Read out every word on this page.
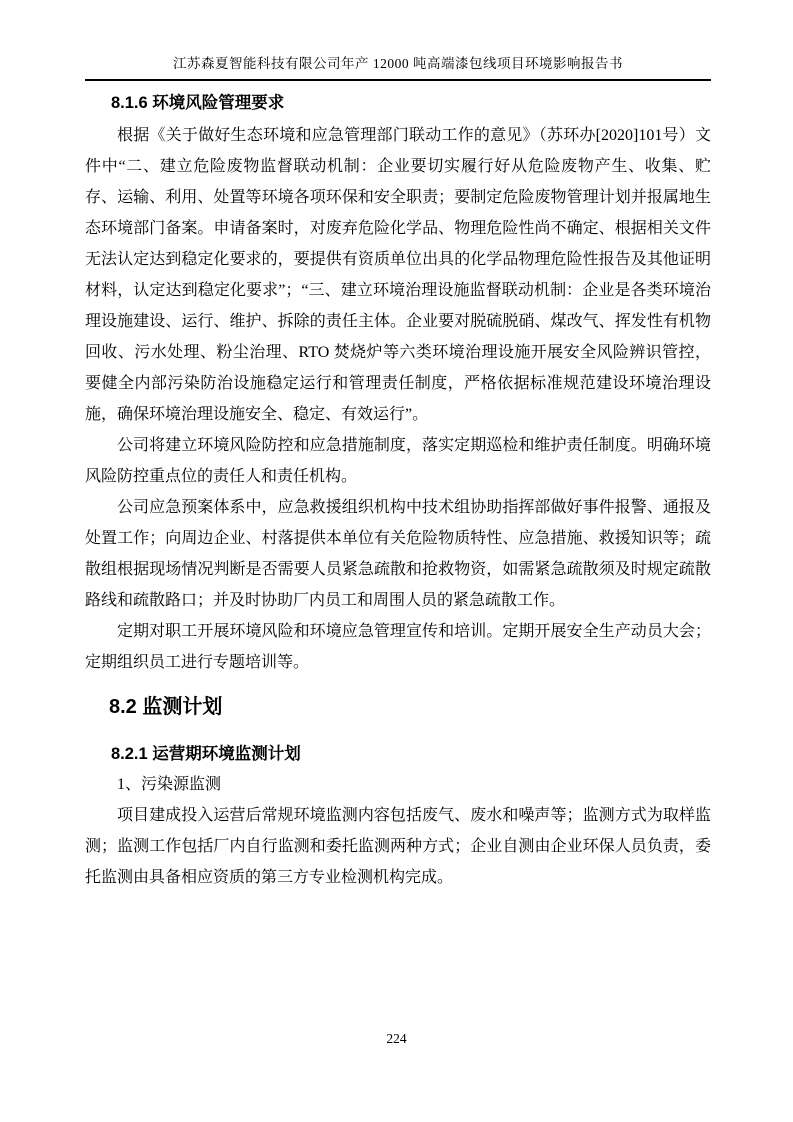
江苏森夏智能科技有限公司年产 12000 吨高端漆包线项目环境影响报告书
8.1.6 环境风险管理要求

根据《关于做好生态环境和应急管理部门联动工作的意见》（苏环办[2020]101号）文件中“二、建立危险废物监督联动机制：企业要切实履行好从危险废物产生、收集、贮存、运输、利用、处置等环境各项环保和安全职责；要制定危险废物管理计划并报属地生态环境部门备案。申请备案时，对废弃危险化学品、物理危险性尚不确定、根据相关文件无法认定达到稳定化要求的，要提供有资质单位出具的化学品物理危险性报告及其他证明材料，认定达到稳定化要求”；“三、建立环境治理设施监督联动机制：企业是各类环境治理设施建设、运行、维护、拆除的责任主体。企业要对脱硫脱硝、煤改气、挥发性有机物回收、污水处理、粉尘治理、RTO 焚烧炉等六类环境治理设施开展安全风险辨识管控，要健全内部污染防治设施稳定运行和管理责任制度，严格依据标准规范建设环境治理设施，确保环境治理设施安全、稳定、有效运行”。

公司将建立环境风险防控和应急措施制度，落实定期巡检和维护责任制度。明确环境风险防控重点位的责任人和责任机构。

公司应急预案体系中，应急救援组织机构中技术组协助指挥部做好事件报警、通报及处置工作；向周边企业、村落提供本单位有关危险物质特性、应急措施、救援知识等；疏散组根据现场情况判断是否需要人员紧急疏散和抢救物资，如需紧急疏散须及时规定疏散路线和疏散路口；并及时协助厂内员工和周围人员的紧急疏散工作。

定期对职工开展环境风险和环境应急管理宣传和培训。定期开展安全生产动员大会；定期组织员工进行专题培训等。

8.2 监测计划
8.2.1 运营期环境监测计划

1、污染源监测

项目建成投入运营后常规环境监测内容包括废气、废水和噪声等；监测方式为取样监测；监测工作包括厂内自行监测和委托监测两种方式；企业自测由企业环保人员负责，委托监测由具备相应资质的第三方专业检测机构完成。

224
